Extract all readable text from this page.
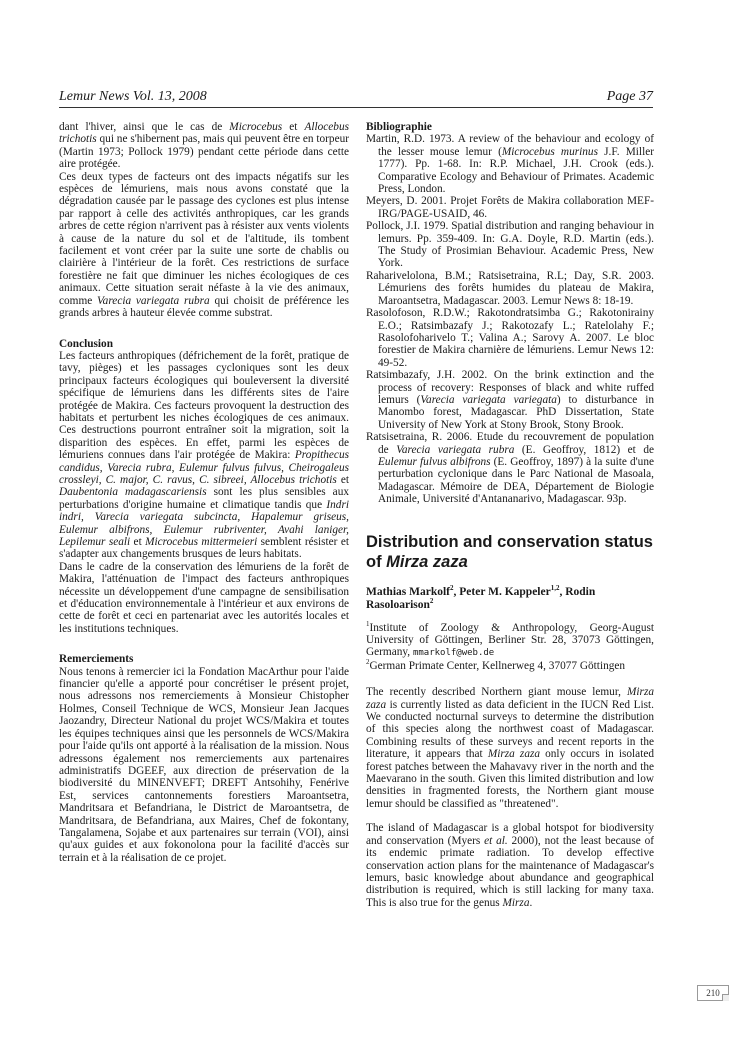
Lemur News Vol. 13, 2008	Page 37

dant l'hiver, ainsi que le cas de Microcebus et Allocebus trichotis qui ne s'hibernent pas, mais qui peuvent être en torpeur (Martin 1973; Pollock 1979) pendant cette période dans cette aire protégée.

Ces deux types de facteurs ont des impacts négatifs sur les espèces de lémuriens, mais nous avons constaté que la dégradation causée par le passage des cyclones est plus intense par rapport à celle des activités anthropiques, car les grands arbres de cette région n'arrivent pas à résister aux vents violents à cause de la nature du sol et de l'altitude, ils tombent facilement et vont créer par la suite une sorte de chablis ou clairière à l'intérieur de la forêt. Ces restrictions de surface forestière ne fait que diminuer les niches écologiques de ces animaux. Cette situation serait néfaste à la vie des animaux, comme Varecia variegata rubra qui choisit de préférence les grands arbres à hauteur élevée comme substrat.

Conclusion

Les facteurs anthropiques (défrichement de la forêt, pratique de tavy, pièges) et les passages cycloniques sont les deux principaux facteurs écologiques qui bouleversent la diversité spécifique de lémuriens dans les différents sites de l'aire protégée de Makira. Ces facteurs provoquent la destruction des habitats et perturbent les niches écologiques de ces animaux. Ces destructions pourront entraîner soit la migration, soit la disparition des espèces. En effet, parmi les espèces de lémuriens connues dans l'air protégée de Makira: Propithecus candidus, Varecia rubra, Eulemur fulvus fulvus, Cheirogaleus crossleyi, C. major, C. ravus, C. sibreei, Allocebus trichotis et Daubentonia madagascariensis sont les plus sensibles aux perturbations d'origine humaine et climatique tandis que Indri indri, Varecia variegata subcincta, Hapalemur griseus, Eulemur albifrons, Eulemur rubriventer, Avahi laniger, Lepilemur seali et Microcebus mittermeieri semblent résister et s'adapter aux changements brusques de leurs habitats.

Dans le cadre de la conservation des lémuriens de la forêt de Makira, l'atténuation de l'impact des facteurs anthropiques nécessite un développement d'une campagne de sensibilisation et d'éducation environnementale à l'intérieur et aux environs de cette de forêt et ceci en partenariat avec les autorités locales et les institutions techniques.

Remerciements

Nous tenons à remercier ici la Fondation MacArthur pour l'aide financier qu'elle a apporté pour concrétiser le présent projet, nous adressons nos remerciements à Monsieur Chistopher Holmes, Conseil Technique de WCS, Monsieur Jean Jacques Jaozandry, Directeur National du projet WCS/Makira et toutes les équipes techniques ainsi que les personnels de WCS/Makira pour l'aide qu'ils ont apporté à la réalisation de la mission. Nous adressons également nos remerciements aux partenaires administratifs DGEEF, aux direction de préservation de la biodiversité du MINENVEFT; DREFT Antsohihy, Fenérive Est, services cantonnements forestiers Maroantsetra, Mandritsara et Befandriana, le District de Maroantsetra, de Mandritsara, de Befandriana, aux Maires, Chef de fokontany, Tangalamena, Sojabe et aux partenaires sur terrain (VOI), ainsi qu'aux guides et aux fokonolona pour la facilité d'accès sur terrain et à la réalisation de ce projet.

Bibliographie

Martin, R.D. 1973. A review of the behaviour and ecology of the lesser mouse lemur (Microcebus murinus J.F. Miller 1777). Pp. 1-68. In: R.P. Michael, J.H. Crook (eds.). Comparative Ecology and Behaviour of Primates. Academic Press, London.

Meyers, D. 2001. Projet Forêts de Makira collaboration MEF-IRG/PAGE-USAID, 46.

Pollock, J.I. 1979. Spatial distribution and ranging behaviour in lemurs. Pp. 359-409. In: G.A. Doyle, R.D. Martin (eds.). The Study of Prosimian Behaviour. Academic Press, New York.

Raharivelolona, B.M.; Ratsisetraina, R.L; Day, S.R. 2003. Lémuriens des forêts humides du plateau de Makira, Maroantsetra, Madagascar. 2003. Lemur News 8: 18-19.

Rasolofoson, R.D.W.; Rakotondratsimba G.; Rakotonirainy E.O.; Ratsimbazafy J.; Rakotozafy L.; Ratelolahy F.; Rasolofoharivelo T.; Valina A.; Sarovy A. 2007. Le bloc forestier de Makira charnière de lémuriens. Lemur News 12: 49-52.

Ratsimbazafy, J.H. 2002. On the brink extinction and the process of recovery: Responses of black and white ruffed lemurs (Varecia variegata variegata) to disturbance in Manombo forest, Madagascar. PhD Dissertation, State University of New York at Stony Brook, Stony Brook.

Ratsisetraina, R. 2006. Etude du recouvrement de population de Varecia variegata rubra (E. Geoffroy, 1812) et de Eulemur fulvus albifrons (E. Geoffroy, 1897) à la suite d'une perturbation cyclonique dans le Parc National de Masoala, Madagascar. Mémoire de DEA, Département de Biologie Animale, Université d'Antananarivo, Madagascar. 93p.

Distribution and conservation status of Mirza zaza

Mathias Markolf$^2$, Peter M. Kappeler$^{1,2}$, Rodin Rasoloarison$^2$

$^1$Institute of Zoology & Anthropology, Georg-August University of Göttingen, Berliner Str. 28, 37073 Göttingen, Germany, mmarkolf@web.de

$^2$German Primate Center, Kellnerweg 4, 37077 Göttingen

The recently described Northern giant mouse lemur, Mirza zaza is currently listed as data deficient in the IUCN Red List. We conducted nocturnal surveys to determine the distribution of this species along the northwest coast of Madagascar. Combining results of these surveys and recent reports in the literature, it appears that Mirza zaza only occurs in isolated forest patches between the Mahavavy river in the north and the Maevarano in the south. Given this limited distribution and low densities in fragmented forests, the Northern giant mouse lemur should be classified as "threatened".

The island of Madagascar is a global hotspot for biodiversity and conservation (Myers et al. 2000), not the least because of its endemic primate radiation. To develop effective conservation action plans for the maintenance of Madagascar's lemurs, basic knowledge about abundance and geographical distribution is required, which is still lacking for many taxa. This is also true for the genus Mirza.

210
